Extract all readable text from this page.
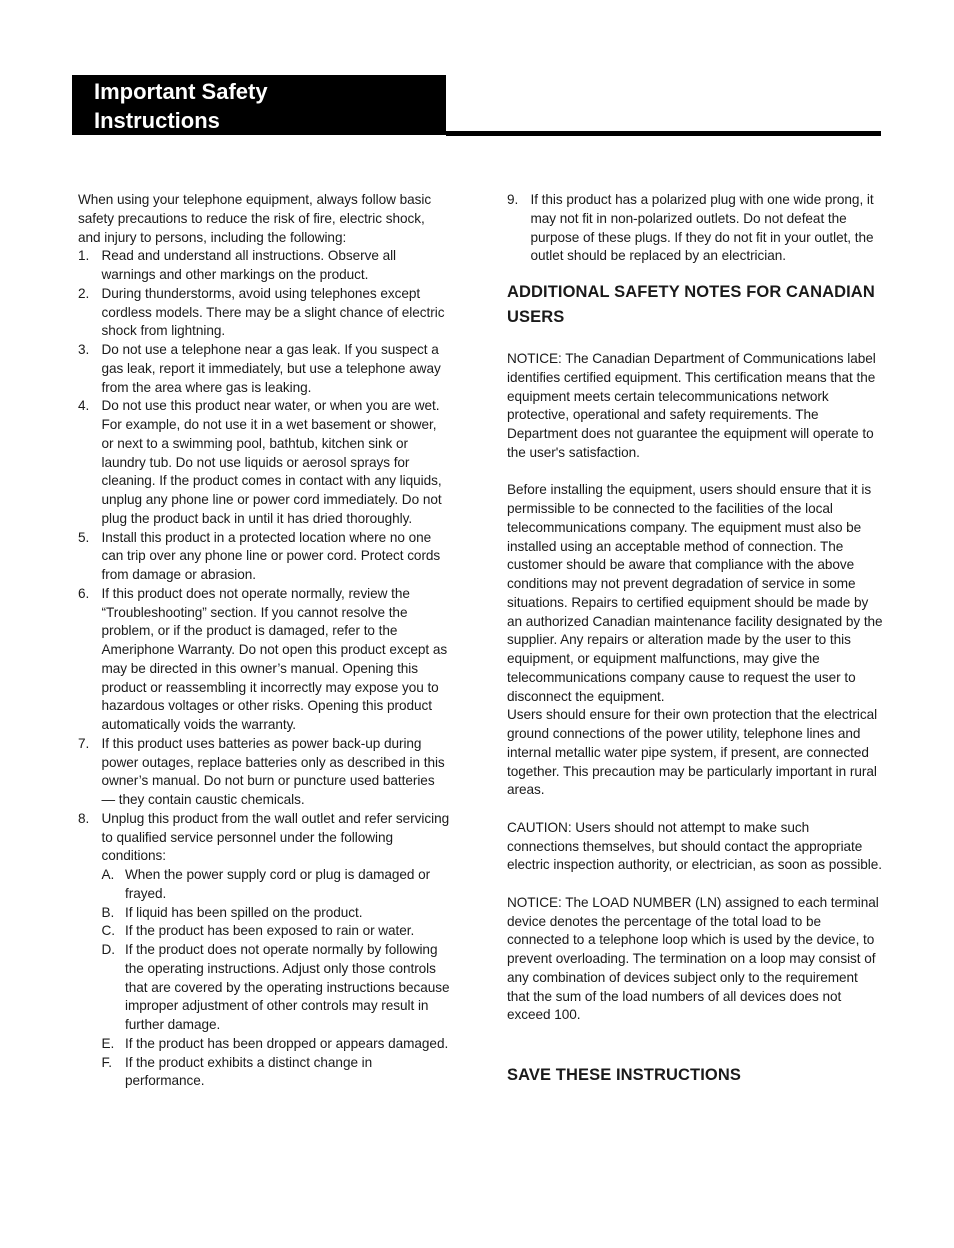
Important Safety

Instructions

When using your telephone equipment, always follow basic safety precautions to reduce the risk of fire, electric shock, and injury to persons, including the following:

1. Read and understand all instructions. Observe all warnings and other markings on the product.
2. During thunderstorms, avoid using telephones except cordless models. There may be a slight chance of electric shock from lightning.
3. Do not use a telephone near a gas leak. If you suspect a gas leak, report it immediately, but use a telephone away from the area where gas is leaking.
4. Do not use this product near water, or when you are wet. For example, do not use it in a wet basement or shower, or next to a swimming pool, bathtub, kitchen sink or laundry tub. Do not use liquids or aerosol sprays for cleaning. If the product comes in contact with any liquids, unplug any phone line or power cord immediately. Do not plug the product back in until it has dried thoroughly.
5. Install this product in a protected location where no one can trip over any phone line or power cord. Protect cords from damage or abrasion.
6. If this product does not operate normally, review the “Troubleshooting” section. If you cannot resolve the problem, or if the product is damaged, refer to the Ameriphone Warranty. Do not open this product except as may be directed in this owner’s manual. Opening this product or reassembling it incorrectly may expose you to hazardous voltages or other risks. Opening this product automatically voids the warranty.
7. If this product uses batteries as power back-up during power outages, replace batteries only as described in this owner’s manual. Do not burn or puncture used batteries — they contain caustic chemicals.
8. Unplug this product from the wall outlet and refer servicing to qualified service personnel under the following conditions:
A. When the power supply cord or plug is damaged or frayed.
B. If liquid has been spilled on the product.
C. If the product has been exposed to rain or water.
D. If the product does not operate normally by following the operating instructions. Adjust only those controls that are covered by the operating instructions because improper adjustment of other controls may result in further damage.
E. If the product has been dropped or appears damaged.
F. If the product exhibits a distinct change in performance.
9. If this product has a polarized plug with one wide prong, it may not fit in non-polarized outlets. Do not defeat the purpose of these plugs. If they do not fit in your outlet, the outlet should be replaced by an electrician.
ADDITIONAL SAFETY NOTES FOR CANADIAN USERS

NOTICE: The Canadian Department of Communications label identifies certified equipment. This certification means that the equipment meets certain telecommunications network protective, operational and safety requirements. The Department does not guarantee the equipment will operate to the user's satisfaction.

Before installing the equipment, users should ensure that it is permissible to be connected to the facilities of the local telecommunications company. The equipment must also be installed using an acceptable method of connection. The customer should be aware that compliance with the above conditions may not prevent degradation of service in some situations. Repairs to certified equipment should be made by an authorized Canadian maintenance facility designated by the supplier. Any repairs or alteration made by the user to this equipment, or equipment malfunctions, may give the telecommunications company cause to request the user to disconnect the equipment.

Users should ensure for their own protection that the electrical ground connections of the power utility, telephone lines and internal metallic water pipe system, if present, are connected together. This precaution may be particularly important in rural areas.

CAUTION: Users should not attempt to make such connections themselves, but should contact the appropriate electric inspection authority, or electrician, as soon as possible.

NOTICE: The LOAD NUMBER (LN) assigned to each terminal device denotes the percentage of the total load to be connected to a telephone loop which is used by the device, to prevent overloading. The termination on a loop may consist of any combination of devices subject only to the requirement that the sum of the load numbers of all devices does not exceed 100.

SAVE THESE INSTRUCTIONS
